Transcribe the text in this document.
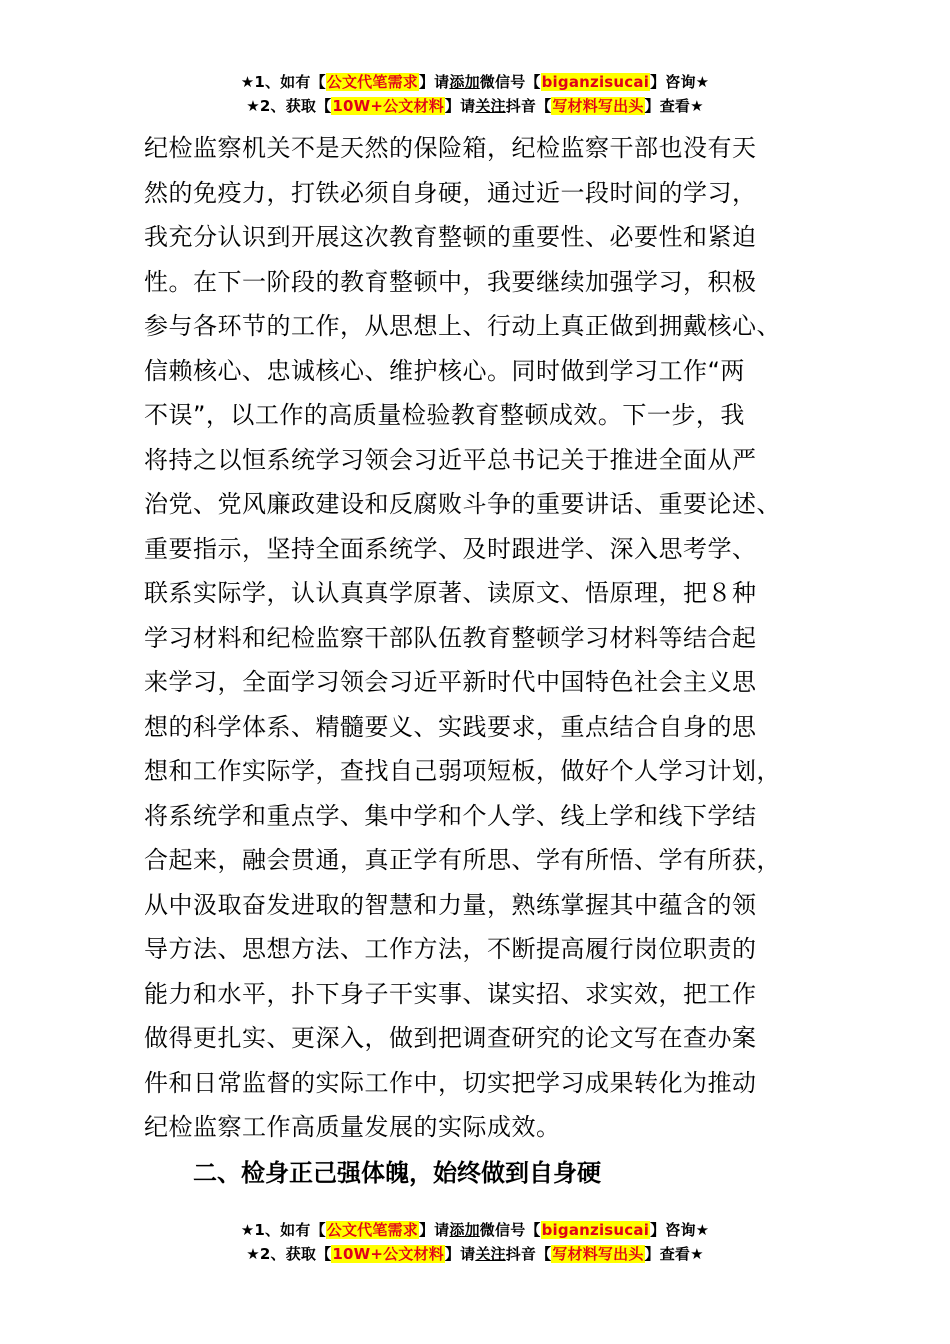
★1、如有【公文代笔需求】请添加微信号【biganzisucai】咨询★
★2、获取【10W+公文材料】请关注抖音【写材料写出头】查看★
纪检监察机关不是天然的保险箱，纪检监察干部也没有天
然的免疫力，打铁必须自身硬，通过近一段时间的学习，
我充分认识到开展这次教育整顿的重要性、必要性和紧迫
性。在下一阶段的教育整顿中，我要继续加强学习，积极
参与各环节的工作，从思想上、行动上真正做到拥戴核心、
信赖核心、忠诚核心、维护核心。同时做到学习工作“两
不误”，以工作的高质量检验教育整顿成效。下一步，我
将持之以恒系统学习领会习近平总书记关于推进全面从严
治党、党风廉政建设和反腐败斗争的重要讲话、重要论述、
重要指示，坚持全面系统学、及时跟进学、深入思考学、
联系实际学，认认真真学原著、读原文、悟原理，把８种
学习材料和纪检监察干部队伍教育整顿学习材料等结合起
来学习，全面学习领会习近平新时代中国特色社会主义思
想的科学体系、精髓要义、实践要求，重点结合自身的思
想和工作实际学，查找自己弱项短板，做好个人学习计划，
将系统学和重点学、集中学和个人学、线上学和线下学结
合起来，融会贯通，真正学有所思、学有所悟、学有所获，
从中汲取奋发进取的智慧和力量，熟练掌握其中蕴含的领
导方法、思想方法、工作方法，不断提高履行岗位职责的
能力和水平，扑下身子干实事、谋实招、求实效，把工作
做得更扎实、更深入，做到把调查研究的论文写在查办案
件和日常监督的实际工作中，切实把学习成果转化为推动
纪检监察工作高质量发展的实际成效。
二、检身正己强体魄，始终做到自身硬
★1、如有【公文代笔需求】请添加微信号【biganzisucai】咨询★
★2、获取【10W+公文材料】请关注抖音【写材料写出头】查看★
